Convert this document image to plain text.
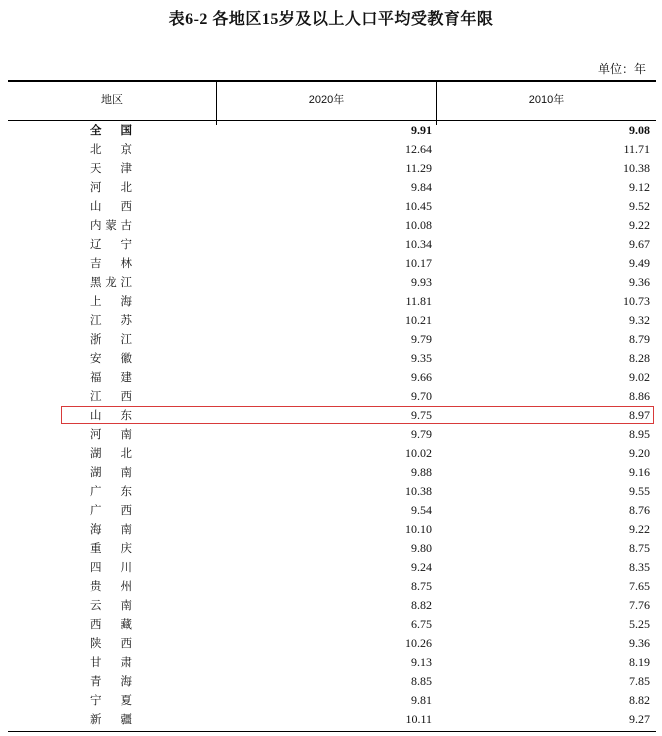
表6-2 各地区15岁及以上人口平均受教育年限
单位：年
地区	2020年	2010年
全国	9.91	9.08
北京	12.64	11.71
天津	11.29	10.38
河北	9.84	9.12
山西	10.45	9.52
内蒙古	10.08	9.22
辽宁	10.34	9.67
吉林	10.17	9.49
黑龙江	9.93	9.36
上海	11.81	10.73
江苏	10.21	9.32
浙江	9.79	8.79
安徽	9.35	8.28
福建	9.66	9.02
江西	9.70	8.86
山东	9.75	8.97
河南	9.79	8.95
湖北	10.02	9.20
湖南	9.88	9.16
广东	10.38	9.55
广西	9.54	8.76
海南	10.10	9.22
重庆	9.80	8.75
四川	9.24	8.35
贵州	8.75	7.65
云南	8.82	7.76
西藏	6.75	5.25
陕西	10.26	9.36
甘肃	9.13	8.19
青海	8.85	7.85
宁夏	9.81	8.82
新疆	10.11	9.27
